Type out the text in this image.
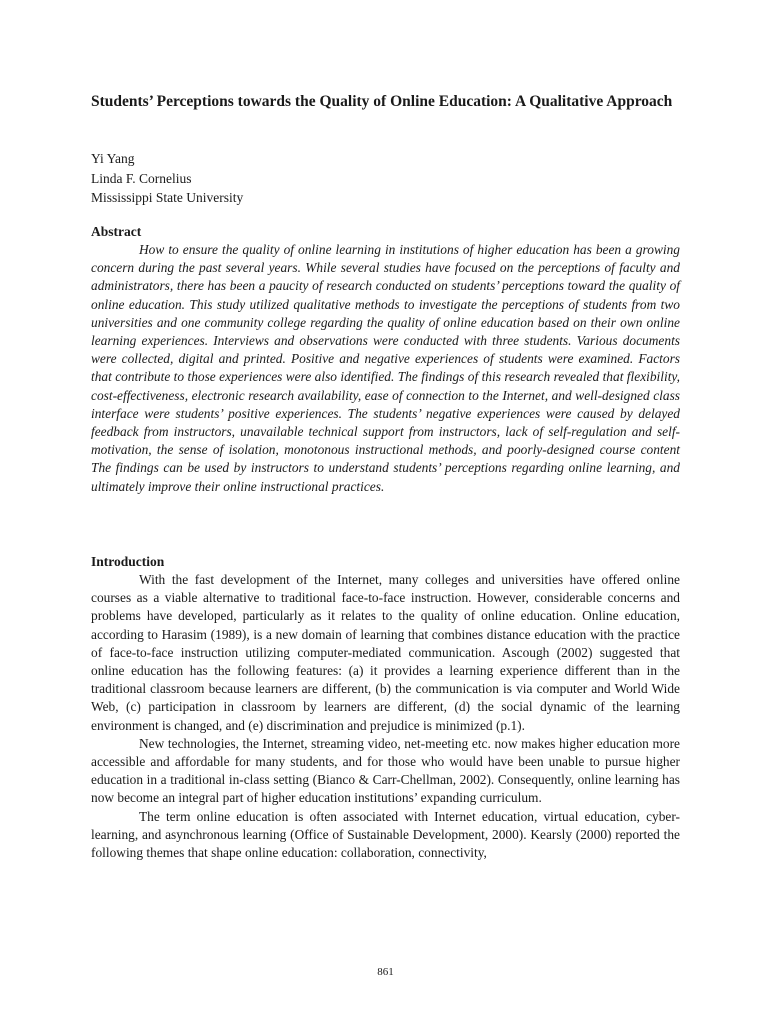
Students’ Perceptions towards the Quality of Online Education: A Qualitative Approach
Yi Yang
Linda F. Cornelius
Mississippi State University
Abstract

How to ensure the quality of online learning in institutions of higher education has been a growing concern during the past several years. While several studies have focused on the perceptions of faculty and administrators, there has been a paucity of research conducted on students’ perceptions toward the quality of online education. This study utilized qualitative methods to investigate the perceptions of students from two universities and one community college regarding the quality of online education based on their own online learning experiences. Interviews and observations were conducted with three students. Various documents were collected, digital and printed. Positive and negative experiences of students were examined. Factors that contribute to those experiences were also identified. The findings of this research revealed that flexibility, cost-effectiveness, electronic research availability, ease of connection to the Internet, and well-designed class interface were students’ positive experiences. The students’ negative experiences were caused by delayed feedback from instructors, unavailable technical support from instructors, lack of self-regulation and self-motivation, the sense of isolation, monotonous instructional methods, and poorly-designed course content The findings can be used by instructors to understand students’ perceptions regarding online learning, and ultimately improve their online instructional practices.

Introduction

With the fast development of the Internet, many colleges and universities have offered online courses as a viable alternative to traditional face-to-face instruction. However, considerable concerns and problems have developed, particularly as it relates to the quality of online education. Online education, according to Harasim (1989), is a new domain of learning that combines distance education with the practice of face-to-face instruction utilizing computer-mediated communication. Ascough (2002) suggested that online education has the following features: (a) it provides a learning experience different than in the traditional classroom because learners are different, (b) the communication is via computer and World Wide Web, (c) participation in classroom by learners are different, (d) the social dynamic of the learning environment is changed, and (e) discrimination and prejudice is minimized (p.1).

New technologies, the Internet, streaming video, net-meeting etc. now makes higher education more accessible and affordable for many students, and for those who would have been unable to pursue higher education in a traditional in-class setting (Bianco & Carr-Chellman, 2002). Consequently, online learning has now become an integral part of higher education institutions’ expanding curriculum.

The term online education is often associated with Internet education, virtual education, cyber-learning, and asynchronous learning (Office of Sustainable Development, 2000). Kearsly (2000) reported the following themes that shape online education: collaboration, connectivity,

861
